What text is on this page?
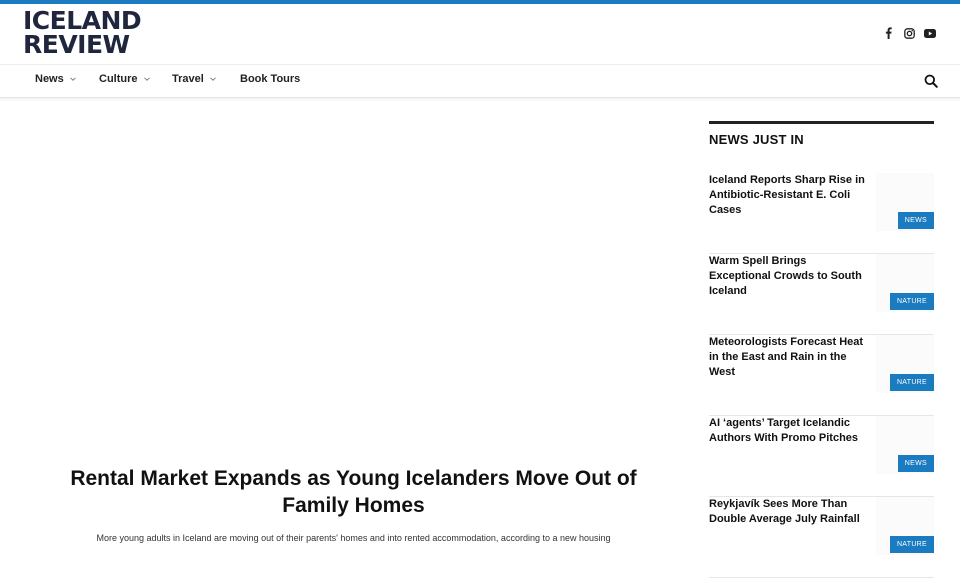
ICELAND
REVIEW
News	Culture	Travel	Book Tours
Rental Market Expands as Young Icelanders Move Out of Family Homes

More young adults in Iceland are moving out of their parents' homes and into rented accommodation, according to a new housing

NEWS JUST IN
Iceland Reports Sharp Rise in Antibiotic-Resistant E. Coli Cases
NEWS
Warm Spell Brings Exceptional Crowds to South Iceland
NATURE
Meteorologists Forecast Heat in the East and Rain in the West
NATURE
AI ‘agents’ Target Icelandic Authors With Promo Pitches
NEWS
Reykjavík Sees More Than Double Average July Rainfall
NATURE
